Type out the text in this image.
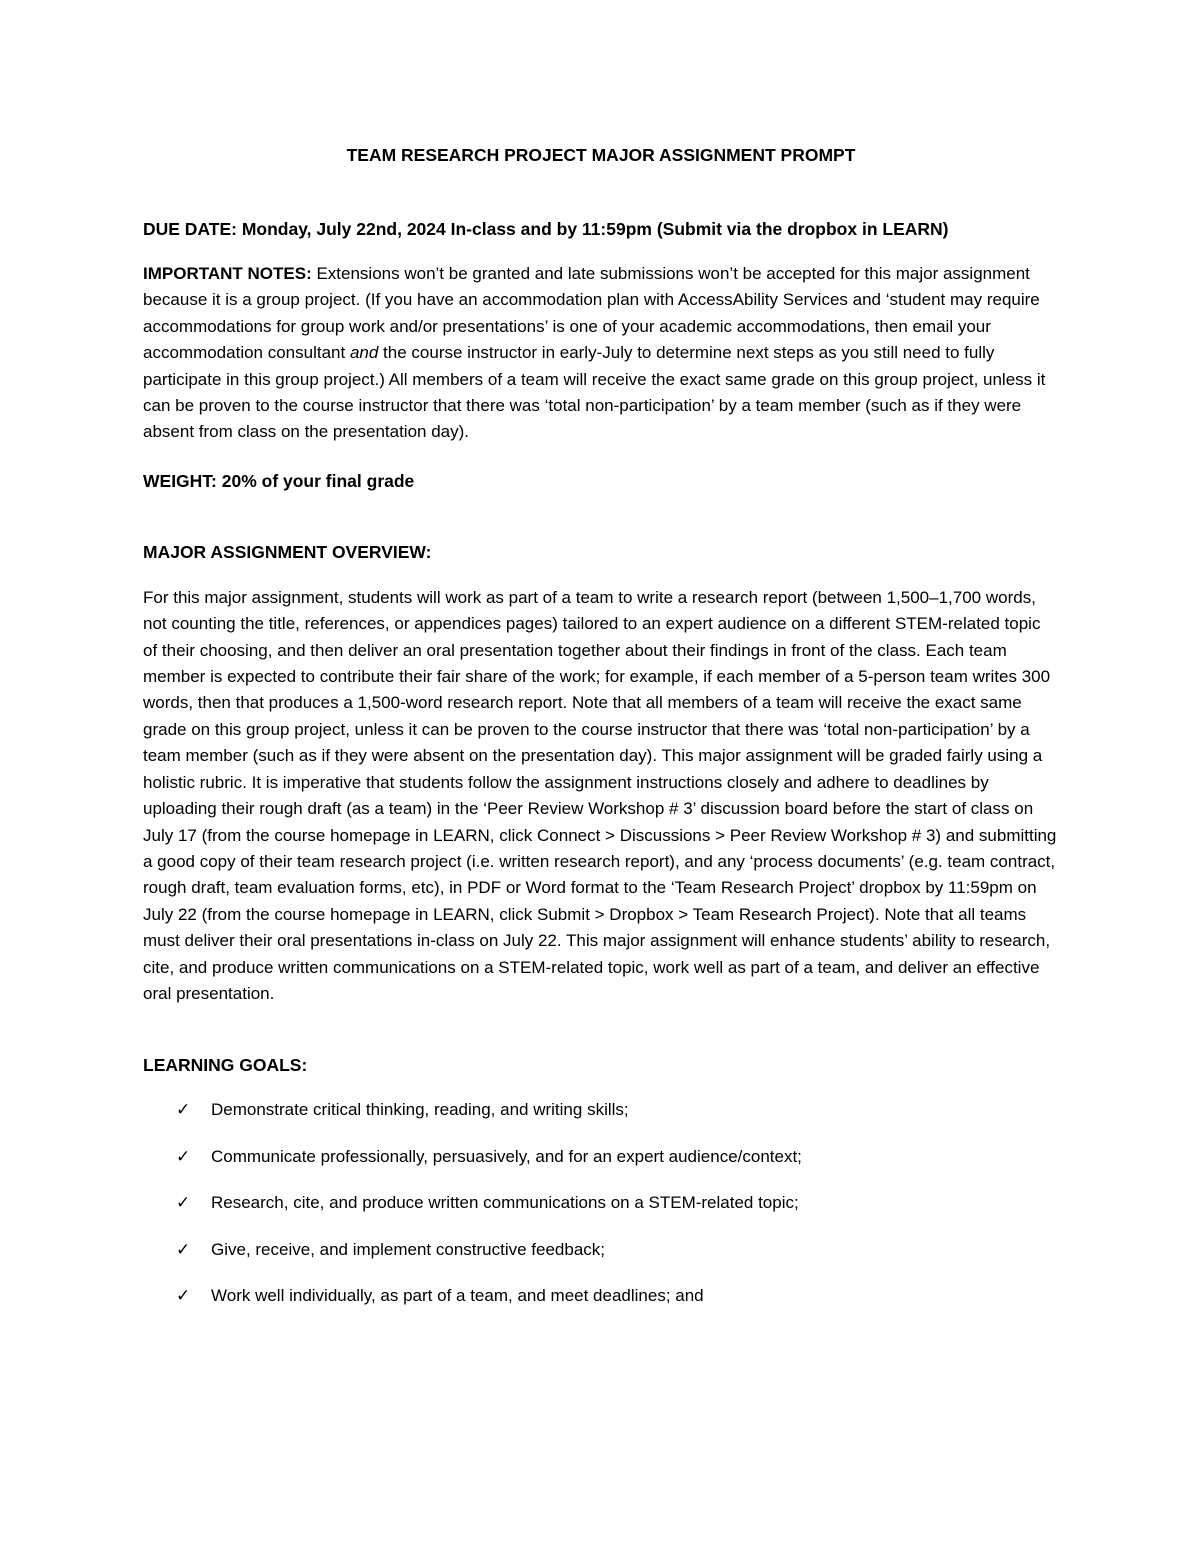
TEAM RESEARCH PROJECT MAJOR ASSIGNMENT PROMPT
DUE DATE: Monday, July 22nd, 2024 In-class and by 11:59pm (Submit via the dropbox in LEARN)

IMPORTANT NOTES: Extensions won’t be granted and late submissions won’t be accepted for this major assignment because it is a group project. (If you have an accommodation plan with AccessAbility Services and ‘student may require accommodations for group work and/or presentations’ is one of your academic accommodations, then email your accommodation consultant and the course instructor in early-July to determine next steps as you still need to fully participate in this group project.) All members of a team will receive the exact same grade on this group project, unless it can be proven to the course instructor that there was ‘total non-participation’ by a team member (such as if they were absent from class on the presentation day).

WEIGHT: 20% of your final grade
MAJOR ASSIGNMENT OVERVIEW:

For this major assignment, students will work as part of a team to write a research report (between 1,500–1,700 words, not counting the title, references, or appendices pages) tailored to an expert audience on a different STEM-related topic of their choosing, and then deliver an oral presentation together about their findings in front of the class. Each team member is expected to contribute their fair share of the work; for example, if each member of a 5-person team writes 300 words, then that produces a 1,500-word research report. Note that all members of a team will receive the exact same grade on this group project, unless it can be proven to the course instructor that there was ‘total non-participation’ by a team member (such as if they were absent on the presentation day). This major assignment will be graded fairly using a holistic rubric. It is imperative that students follow the assignment instructions closely and adhere to deadlines by uploading their rough draft (as a team) in the ‘Peer Review Workshop # 3’ discussion board before the start of class on July 17 (from the course homepage in LEARN, click Connect > Discussions > Peer Review Workshop # 3) and submitting a good copy of their team research project (i.e. written research report), and any ‘process documents’ (e.g. team contract, rough draft, team evaluation forms, etc), in PDF or Word format to the ‘Team Research Project’ dropbox by 11:59pm on July 22 (from the course homepage in LEARN, click Submit > Dropbox > Team Research Project). Note that all teams must deliver their oral presentations in-class on July 22. This major assignment will enhance students’ ability to research, cite, and produce written communications on a STEM-related topic, work well as part of a team, and deliver an effective oral presentation.

LEARNING GOALS:
✓ Demonstrate critical thinking, reading, and writing skills;
✓ Communicate professionally, persuasively, and for an expert audience/context;
✓ Research, cite, and produce written communications on a STEM-related topic;
✓ Give, receive, and implement constructive feedback;
✓ Work well individually, as part of a team, and meet deadlines; and
